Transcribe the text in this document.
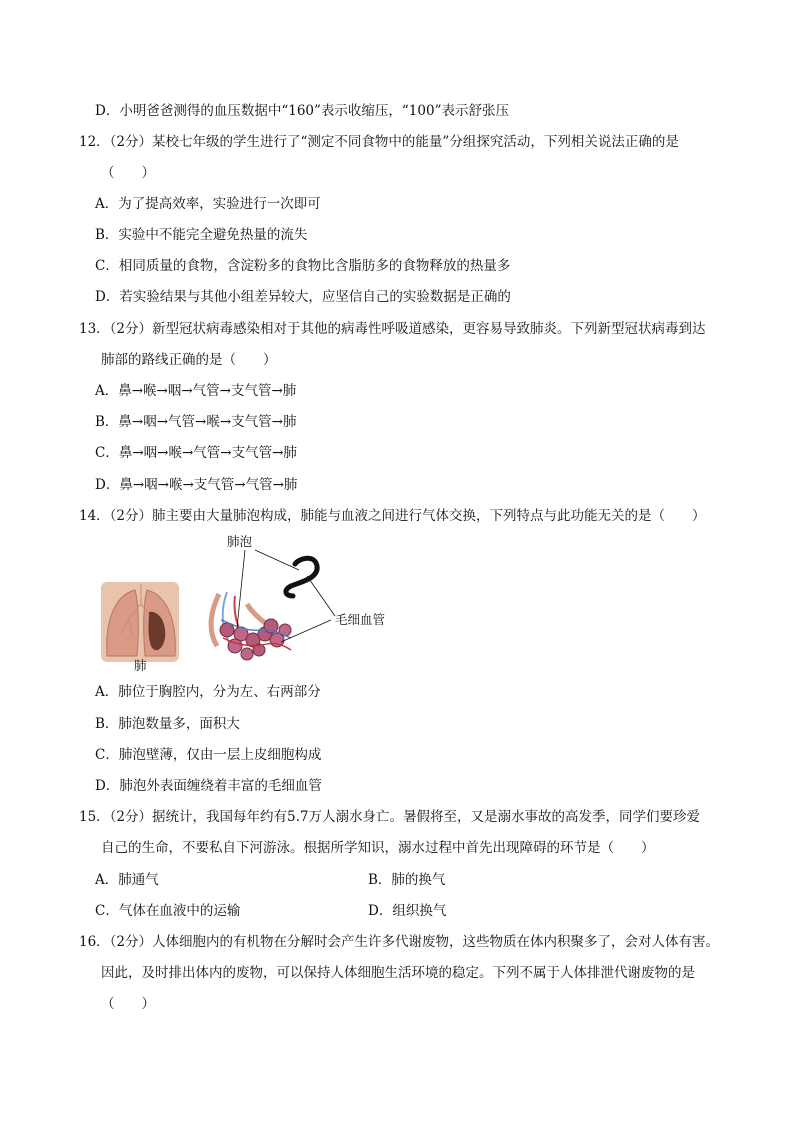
D．小明爸爸测得的血压数据中“160”表示收缩压，“100”表示舒张压
12．（2分）某校七年级的学生进行了“测定不同食物中的能量”分组探究活动，下列相关说法正确的是
（　　）
A．为了提高效率，实验进行一次即可
B．实验中不能完全避免热量的流失
C．相同质量的食物，含淀粉多的食物比含脂肪多的食物释放的热量多
D．若实验结果与其他小组差异较大，应坚信自己的实验数据是正确的
13．（2分）新型冠状病毒感染相对于其他的病毒性呼吸道感染，更容易导致肺炎。下列新型冠状病毒到达
肺部的路线正确的是（　　）
A．鼻→喉→咽→气管→支气管→肺
B．鼻→咽→气管→喉→支气管→肺
C．鼻→咽→喉→气管→支气管→肺
D．鼻→咽→喉→支气管→气管→肺
14．（2分）肺主要由大量肺泡构成，肺能与血液之间进行气体交换，下列特点与此功能无关的是（　　）
肺
肺泡
毛细血管
A．肺位于胸腔内，分为左、右两部分
B．肺泡数量多，面积大
C．肺泡壁薄，仅由一层上皮细胞构成
D．肺泡外表面缠绕着丰富的毛细血管
15．（2分）据统计，我国每年约有5.7万人溺水身亡。暑假将至，又是溺水事故的高发季，同学们要珍爱
自己的生命，不要私自下河游泳。根据所学知识，溺水过程中首先出现障碍的环节是（　　）
A．肺通气	B．肺的换气
C．气体在血液中的运输	D．组织换气
16．（2分）人体细胞内的有机物在分解时会产生许多代谢废物，这些物质在体内积聚多了，会对人体有害。
因此，及时排出体内的废物，可以保持人体细胞生活环境的稳定。下列不属于人体排泄代谢废物的是
（　　）
